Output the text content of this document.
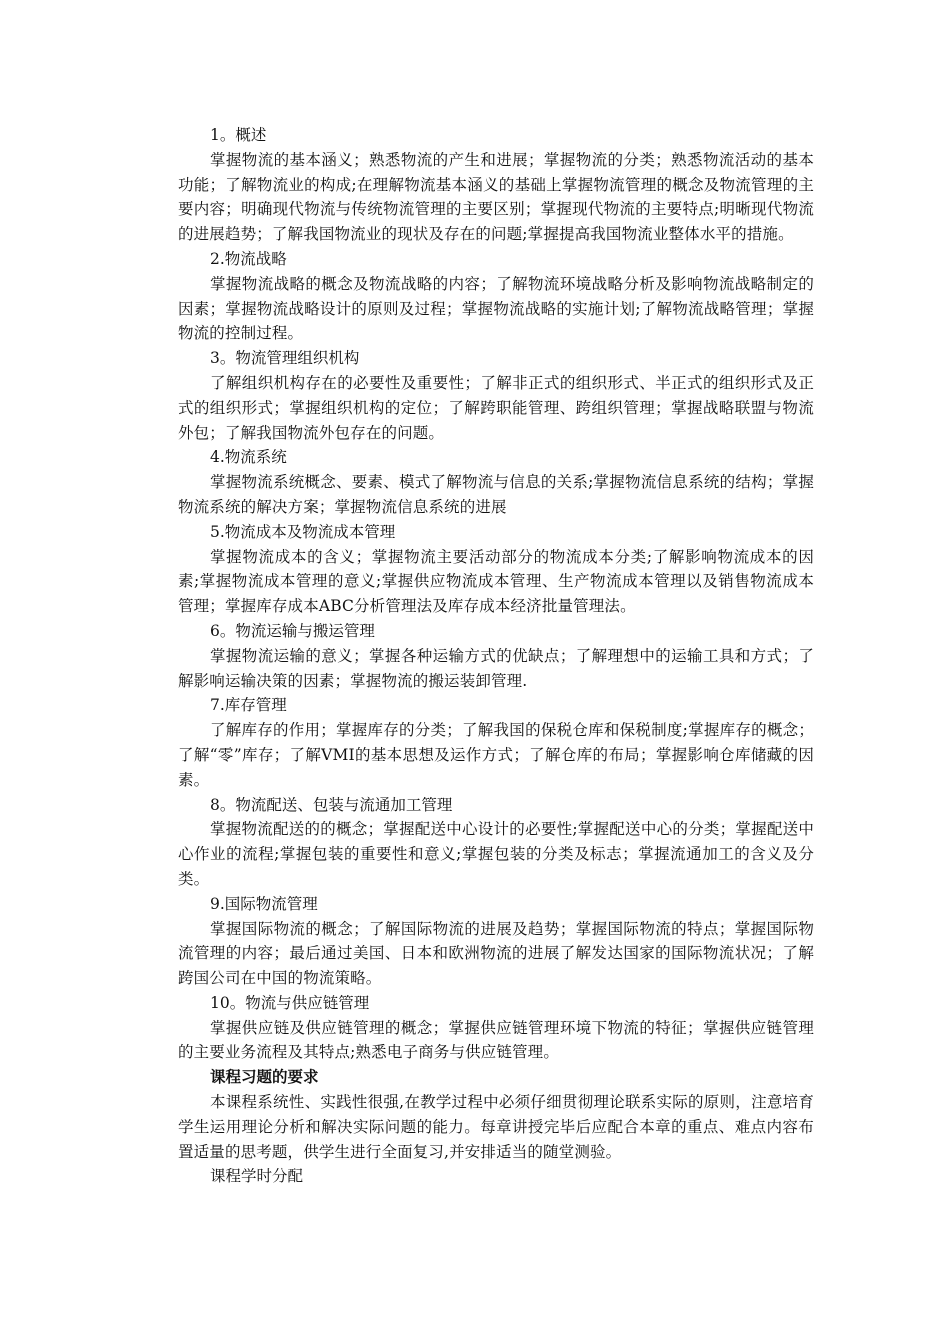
1。概述
掌握物流的基本涵义；熟悉物流的产生和进展；掌握物流的分类；熟悉物流活动的基本功能；了解物流业的构成;在理解物流基本涵义的基础上掌握物流管理的概念及物流管理的主要内容；明确现代物流与传统物流管理的主要区别；掌握现代物流的主要特点;明晰现代物流的进展趋势；了解我国物流业的现状及存在的问题;掌握提高我国物流业整体水平的措施。
2.物流战略
掌握物流战略的概念及物流战略的内容；了解物流环境战略分析及影响物流战略制定的因素；掌握物流战略设计的原则及过程；掌握物流战略的实施计划;了解物流战略管理；掌握物流的控制过程。
3。物流管理组织机构
了解组织机构存在的必要性及重要性；了解非正式的组织形式、半正式的组织形式及正式的组织形式；掌握组织机构的定位；了解跨职能管理、跨组织管理；掌握战略联盟与物流外包；了解我国物流外包存在的问题。
4.物流系统
掌握物流系统概念、要素、模式了解物流与信息的关系;掌握物流信息系统的结构；掌握物流系统的解决方案；掌握物流信息系统的进展
5.物流成本及物流成本管理
掌握物流成本的含义；掌握物流主要活动部分的物流成本分类;了解影响物流成本的因素;掌握物流成本管理的意义;掌握供应物流成本管理、生产物流成本管理以及销售物流成本管理；掌握库存成本ABC分析管理法及库存成本经济批量管理法。
6。物流运输与搬运管理
掌握物流运输的意义；掌握各种运输方式的优缺点；了解理想中的运输工具和方式；了解影响运输决策的因素；掌握物流的搬运装卸管理.
7.库存管理
了解库存的作用；掌握库存的分类；了解我国的保税仓库和保税制度;掌握库存的概念；了解“零”库存；了解VMI的基本思想及运作方式；了解仓库的布局；掌握影响仓库储藏的因素。
8。物流配送、包装与流通加工管理
掌握物流配送的的概念；掌握配送中心设计的必要性;掌握配送中心的分类；掌握配送中心作业的流程;掌握包装的重要性和意义;掌握包装的分类及标志；掌握流通加工的含义及分类。
9.国际物流管理
掌握国际物流的概念；了解国际物流的进展及趋势；掌握国际物流的特点；掌握国际物流管理的内容；最后通过美国、日本和欧洲物流的进展了解发达国家的国际物流状况；了解跨国公司在中国的物流策略。
10。物流与供应链管理
掌握供应链及供应链管理的概念；掌握供应链管理环境下物流的特征；掌握供应链管理的主要业务流程及其特点;熟悉电子商务与供应链管理。
课程习题的要求
本课程系统性、实践性很强,在教学过程中必须仔细贯彻理论联系实际的原则，注意培育学生运用理论分析和解决实际问题的能力。每章讲授完毕后应配合本章的重点、难点内容布置适量的思考题，供学生进行全面复习,并安排适当的随堂测验。
课程学时分配
